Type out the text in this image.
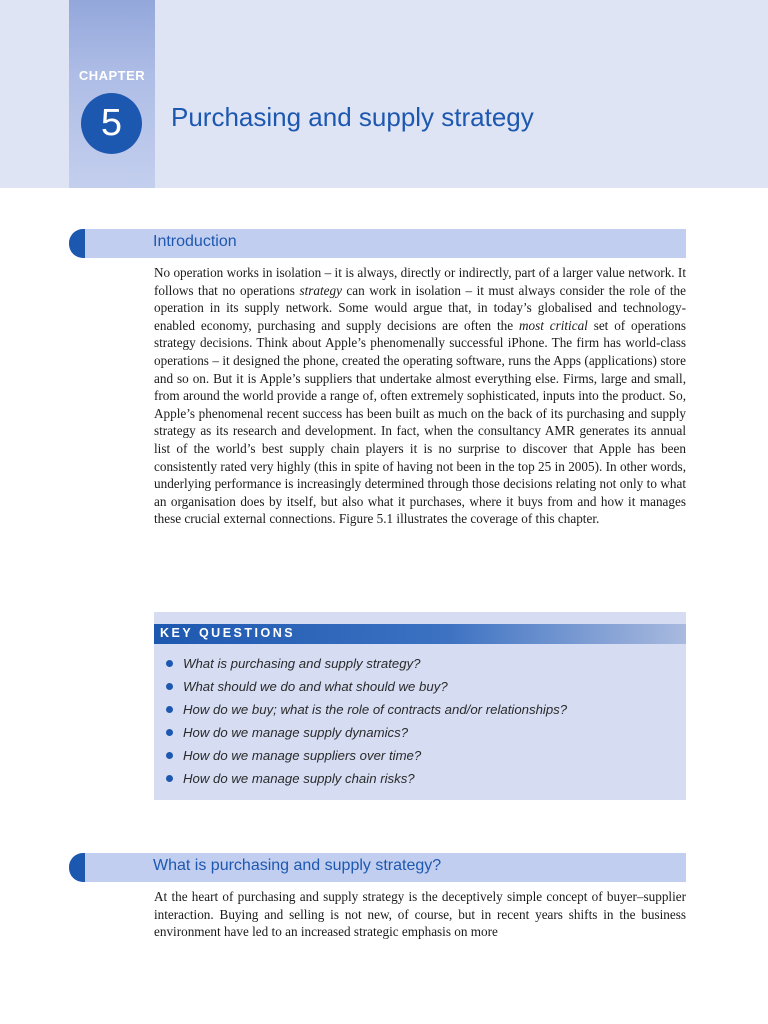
CHAPTER
5	Purchasing and supply strategy
Introduction

No operation works in isolation – it is always, directly or indirectly, part of a larger value network. It follows that no operations strategy can work in isolation – it must always consider the role of the operation in its supply network. Some would argue that, in today’s globalised and technology-enabled economy, purchasing and supply decisions are often the most critical set of operations strategy decisions. Think about Apple’s phenomenally successful iPhone. The firm has world-class operations – it designed the phone, created the operating software, runs the Apps (applications) store and so on. But it is Apple’s suppliers that undertake almost everything else. Firms, large and small, from around the world provide a range of, often extremely sophisticated, inputs into the product. So, Apple’s phenomenal recent success has been built as much on the back of its purchasing and supply strategy as its research and development. In fact, when the consultancy AMR generates its annual list of the world’s best supply chain players it is no surprise to discover that Apple has been consistently rated very highly (this in spite of having not been in the top 25 in 2005). In other words, underlying performance is increasingly determined through those decisions relating not only to what an organisation does by itself, but also what it purchases, where it buys from and how it manages these crucial external connections. Figure 5.1 illustrates the coverage of this chapter.

KEY QUESTIONS
What is purchasing and supply strategy?
What should we do and what should we buy?
How do we buy; what is the role of contracts and/or relationships?
How do we manage supply dynamics?
How do we manage suppliers over time?
How do we manage supply chain risks?
What is purchasing and supply strategy?

At the heart of purchasing and supply strategy is the deceptively simple concept of buyer–supplier interaction. Buying and selling is not new, of course, but in recent years shifts in the business environment have led to an increased strategic emphasis on more
